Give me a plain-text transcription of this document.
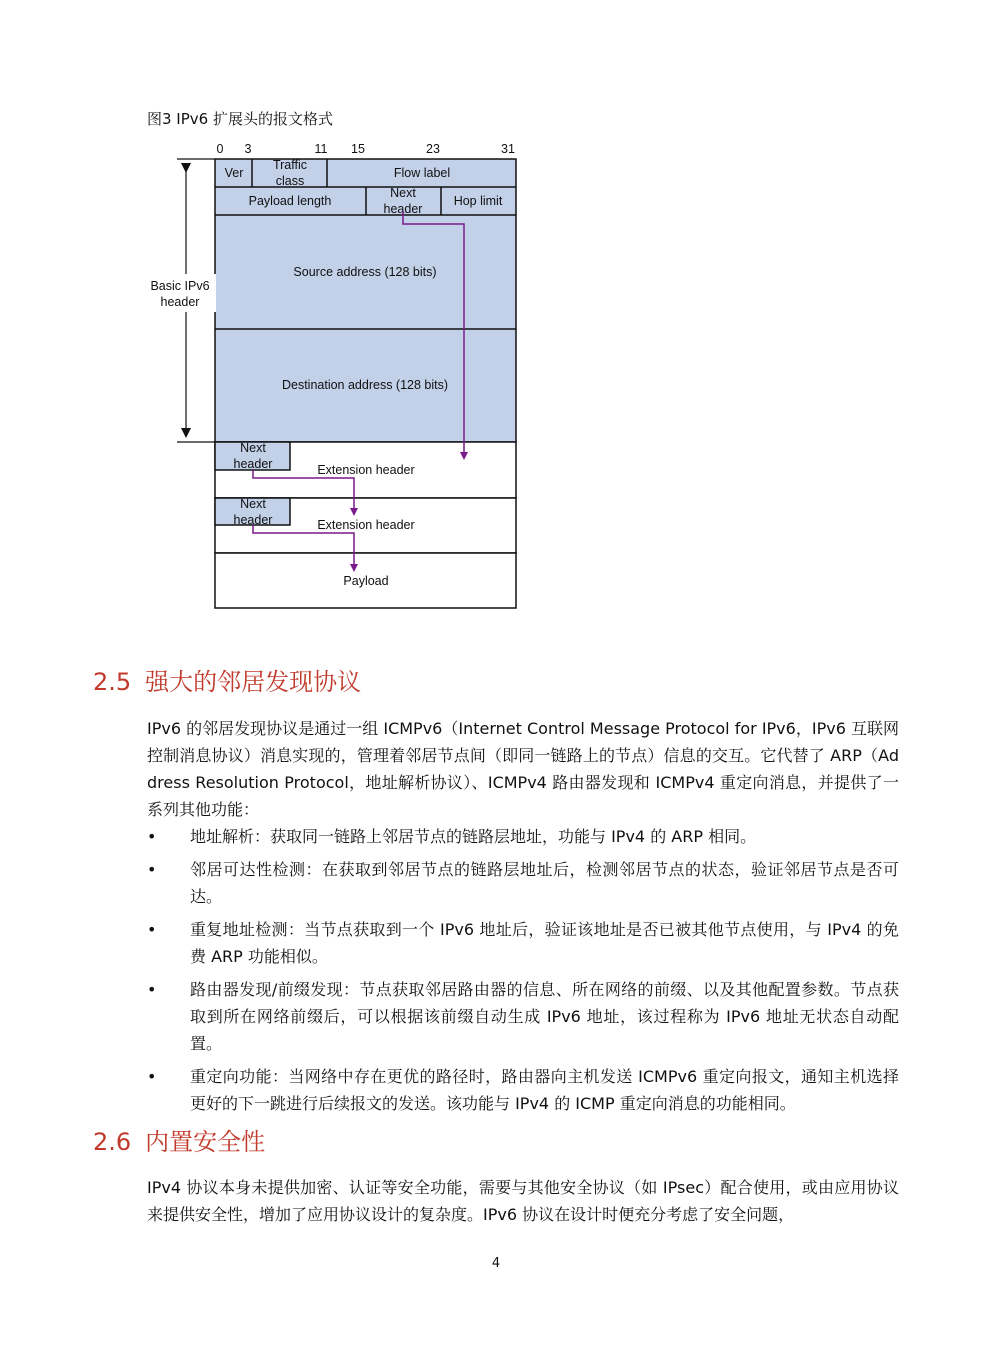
图3 IPv6 扩展头的报文格式
0 3	11 15	23	31
Ver
Traffic
class
Flow label
Payload length
Next
header
Hop limit
Source address (128 bits)
Destination address (128 bits)
Basic IPv6
header
Next
header	Extension header
Next
header	Extension header
Payload
2.5 强大的邻居发现协议
IPv6 的邻居发现协议是通过一组 ICMPv6（Internet Control Message Protocol for IPv6，IPv6 互联网控制消息协议）消息实现的，管理着邻居节点间（即同一链路上的节点）信息的交互。它代替了 ARP（Address Resolution Protocol，地址解析协议）、ICMPv4 路由器发现和 ICMPv4 重定向消息，并提供了一系列其他功能：
• 地址解析：获取同一链路上邻居节点的链路层地址，功能与 IPv4 的 ARP 相同。
• 邻居可达性检测：在获取到邻居节点的链路层地址后，检测邻居节点的状态，验证邻居节点是否可达。
• 重复地址检测：当节点获取到一个 IPv6 地址后，验证该地址是否已被其他节点使用，与 IPv4 的免费 ARP 功能相似。
• 路由器发现/前缀发现：节点获取邻居路由器的信息、所在网络的前缀、以及其他配置参数。节点获取到所在网络前缀后，可以根据该前缀自动生成 IPv6 地址，该过程称为 IPv6 地址无状态自动配置。
• 重定向功能：当网络中存在更优的路径时，路由器向主机发送 ICMPv6 重定向报文，通知主机选择更好的下一跳进行后续报文的发送。该功能与 IPv4 的 ICMP 重定向消息的功能相同。
2.6 内置安全性
IPv4 协议本身未提供加密、认证等安全功能，需要与其他安全协议（如 IPsec）配合使用，或由应用协议来提供安全性，增加了应用协议设计的复杂度。IPv6 协议在设计时便充分考虑了安全问题，
4
